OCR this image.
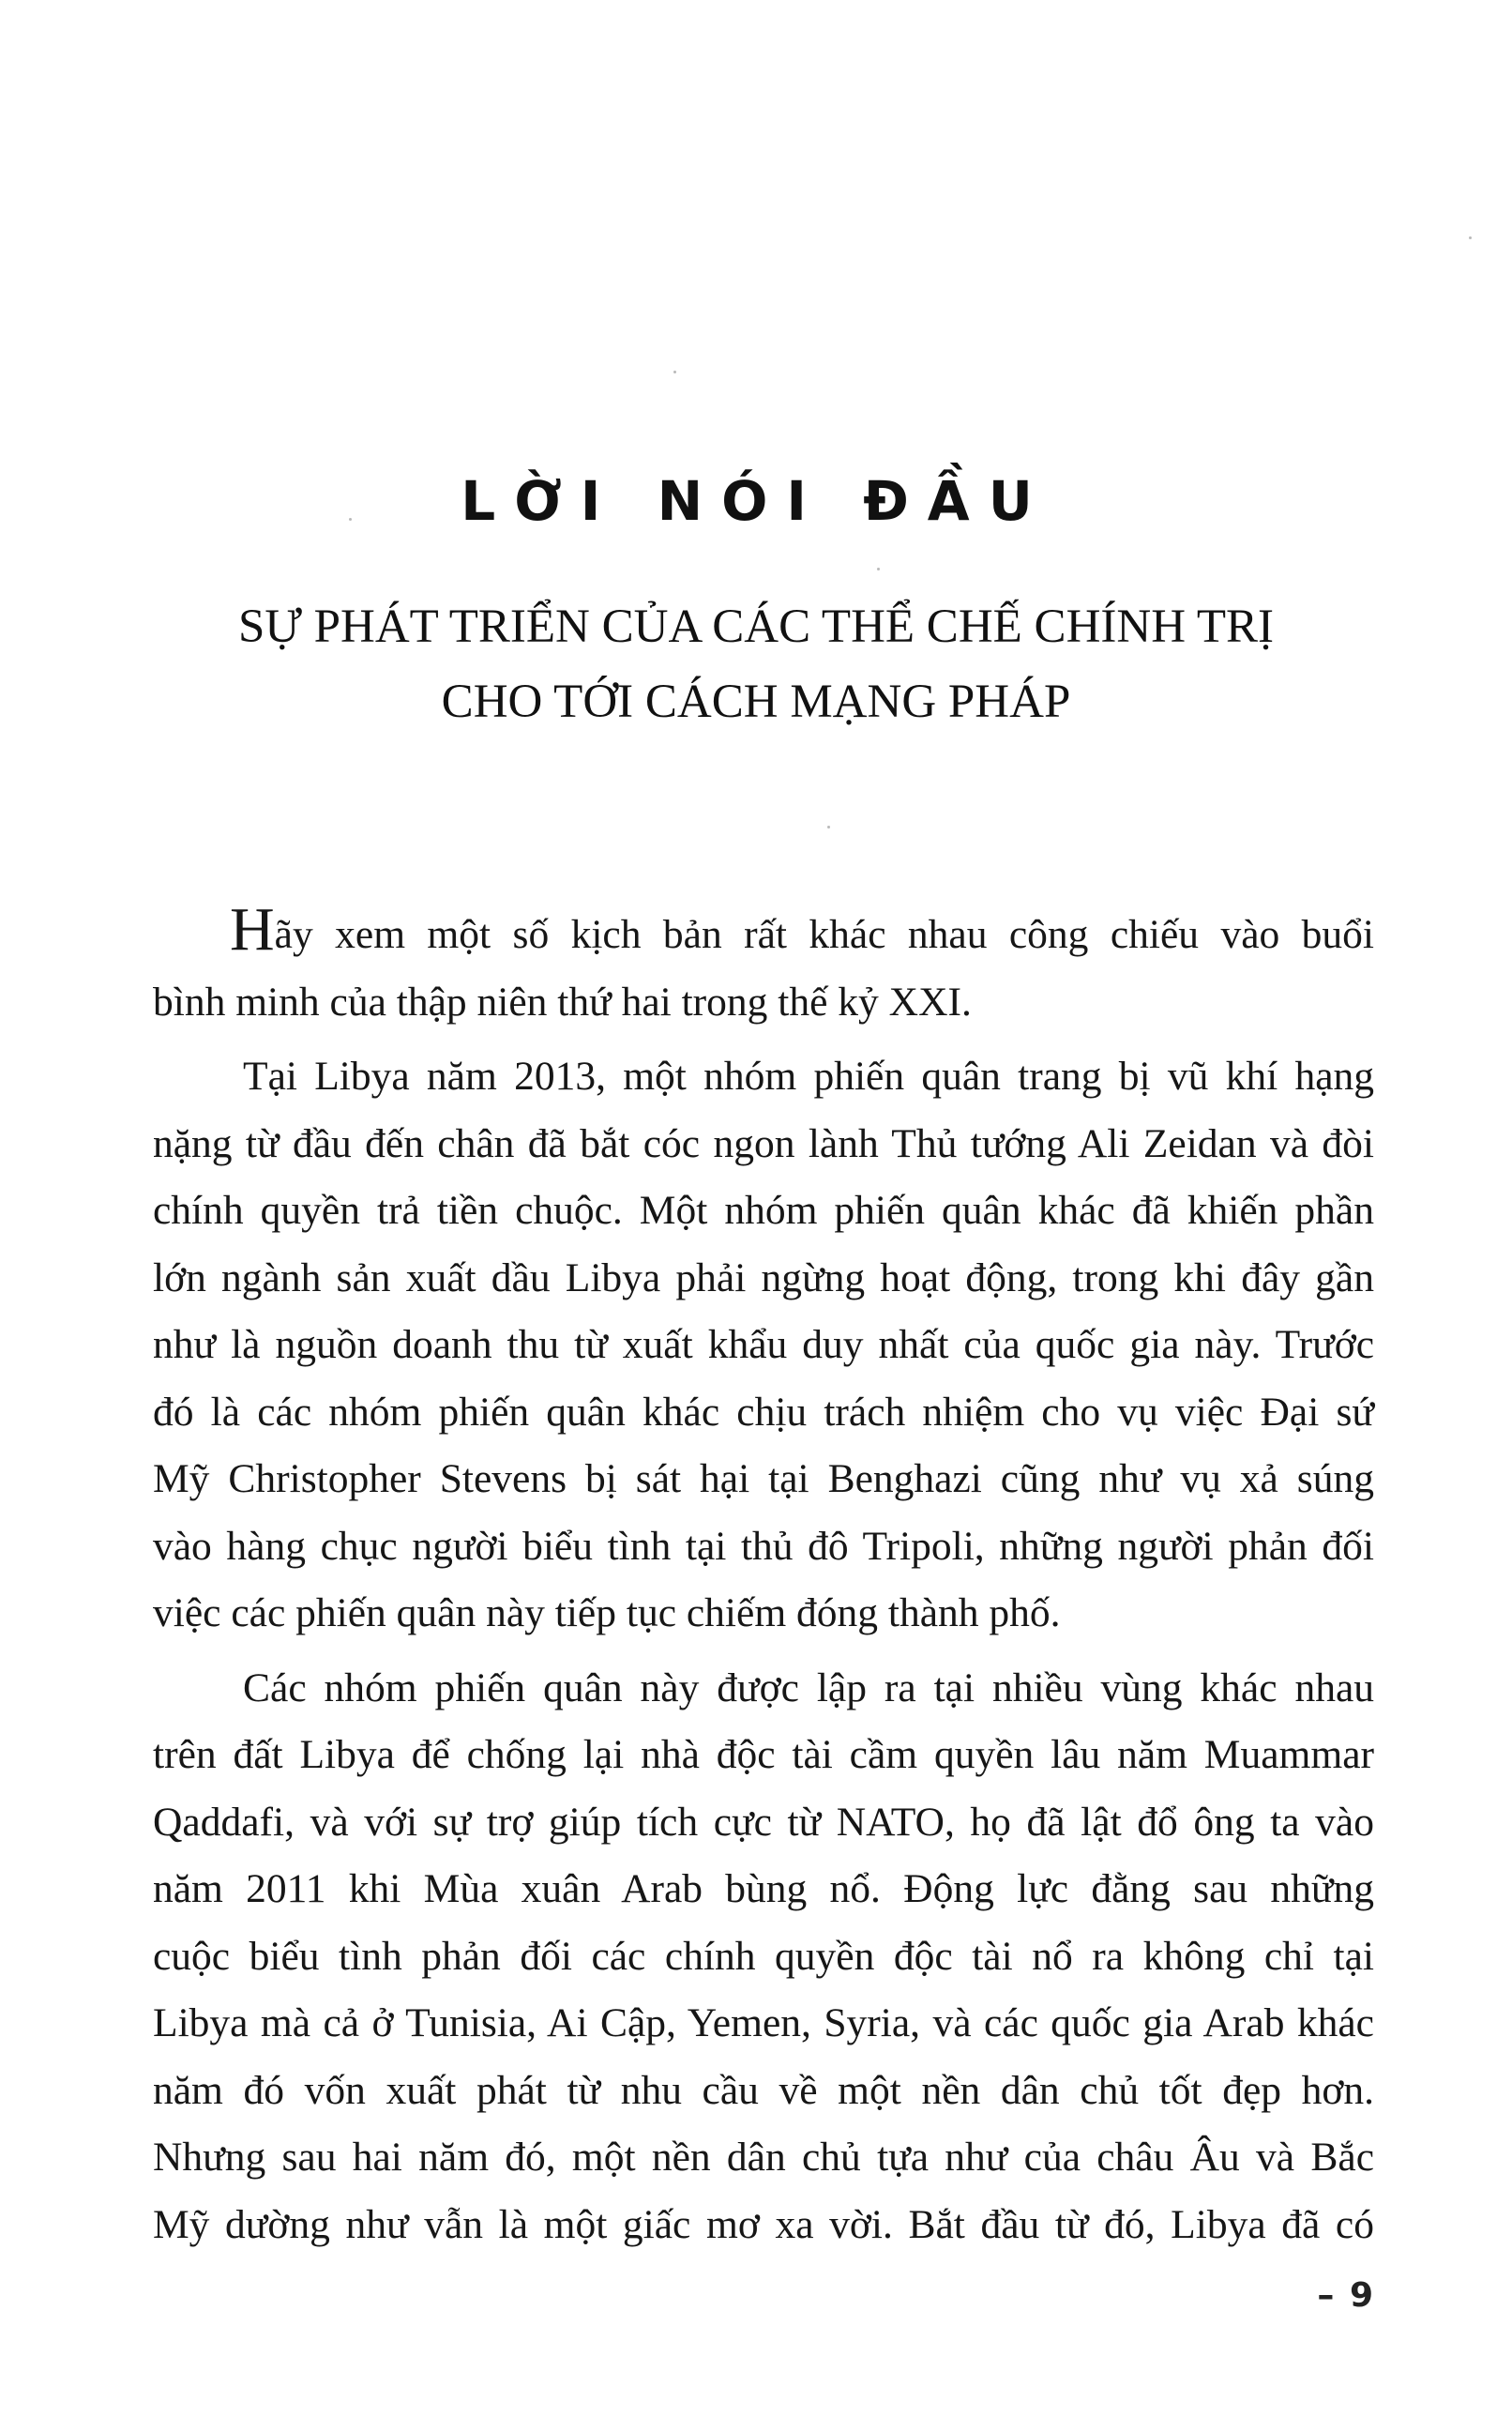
LỜI NÓI ĐẦU
SỰ PHÁT TRIỂN CỦA CÁC THỂ CHẾ CHÍNH TRỊ
CHO TỚI CÁCH MẠNG PHÁP
Hãy xem một số kịch bản rất khác nhau công chiếu vào buổi
bình minh của thập niên thứ hai trong thế kỷ XXI.
Tại Libya năm 2013, một nhóm phiến quân trang bị vũ khí hạng
nặng từ đầu đến chân đã bắt cóc ngon lành Thủ tướng Ali Zeidan và đòi
chính quyền trả tiền chuộc. Một nhóm phiến quân khác đã khiến phần
lớn ngành sản xuất dầu Libya phải ngừng hoạt động, trong khi đây gần
như là nguồn doanh thu từ xuất khẩu duy nhất của quốc gia này. Trước
đó là các nhóm phiến quân khác chịu trách nhiệm cho vụ việc Đại sứ
Mỹ Christopher Stevens bị sát hại tại Benghazi cũng như vụ xả súng
vào hàng chục người biểu tình tại thủ đô Tripoli, những người phản đối
việc các phiến quân này tiếp tục chiếm đóng thành phố.
Các nhóm phiến quân này được lập ra tại nhiều vùng khác nhau
trên đất Libya để chống lại nhà độc tài cầm quyền lâu năm Muammar
Qaddafi, và với sự trợ giúp tích cực từ NATO, họ đã lật đổ ông ta vào
năm 2011 khi Mùa xuân Arab bùng nổ. Động lực đằng sau những
cuộc biểu tình phản đối các chính quyền độc tài nổ ra không chỉ tại
Libya mà cả ở Tunisia, Ai Cập, Yemen, Syria, và các quốc gia Arab khác
năm đó vốn xuất phát từ nhu cầu về một nền dân chủ tốt đẹp hơn.
Nhưng sau hai năm đó, một nền dân chủ tựa như của châu Âu và Bắc
Mỹ dường như vẫn là một giấc mơ xa vời. Bắt đầu từ đó, Libya đã có
– 9
